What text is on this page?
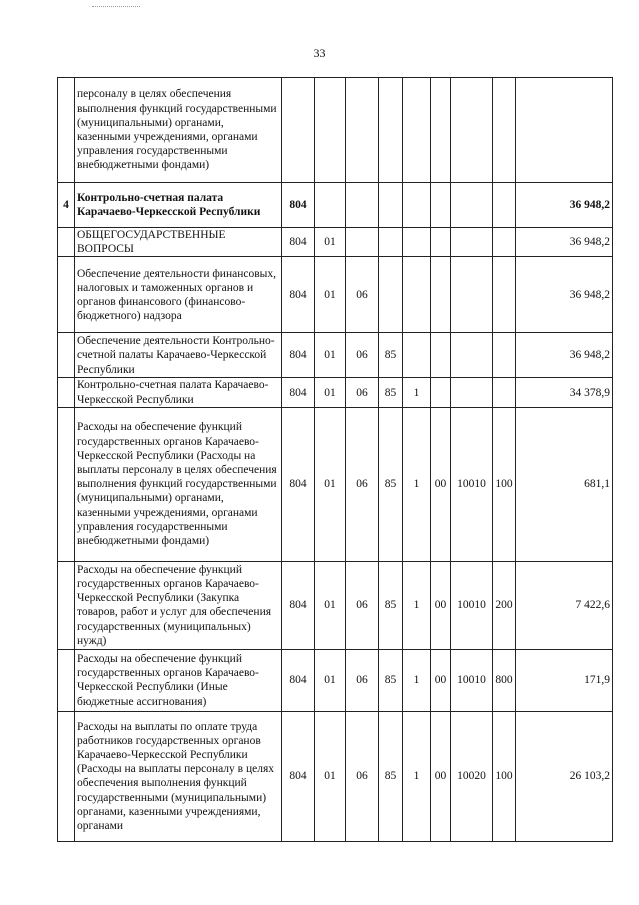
33
	персоналу в целях обеспечения выполнения функций государственными (муниципальными) органами, казенными учреждениями, органами управления государственными внебюджетными фондами)									
4	Контрольно-счетная палата Карачаево-Черкесской Республики	804								36 948,2
	ОБЩЕГОСУДАРСТВЕННЫЕ ВОПРОСЫ	804	01							36 948,2
	Обеспечение деятельности финансовых, налоговых и таможенных органов и органов финансового (финансово-бюджетного) надзора	804	01	06						36 948,2
	Обеспечение деятельности Контрольно-счетной палаты Карачаево-Черкесской Республики	804	01	06	85					36 948,2
	Контрольно-счетная палата Карачаево-Черкесской Республики	804	01	06	85	1				34 378,9
	Расходы на обеспечение функций государственных органов Карачаево-Черкесской Республики (Расходы на выплаты персоналу в целях обеспечения выполнения функций государственными (муниципальными) органами, казенными учреждениями, органами управления государственными внебюджетными фондами)	804	01	06	85	1	00	10010	100	681,1
	Расходы на обеспечение функций государственных органов Карачаево-Черкесской Республики (Закупка товаров, работ и услуг для обеспечения государственных (муниципальных) нужд)	804	01	06	85	1	00	10010	200	7 422,6
	Расходы на обеспечение функций государственных органов Карачаево-Черкесской Республики (Иные бюджетные ассигнования)	804	01	06	85	1	00	10010	800	171,9
	Расходы на выплаты по оплате труда работников государственных органов Карачаево-Черкесской Республики (Расходы на выплаты персоналу в целях обеспечения выполнения функций государственными (муниципальными) органами, казенными учреждениями, органами	804	01	06	85	1	00	10020	100	26 103,2
